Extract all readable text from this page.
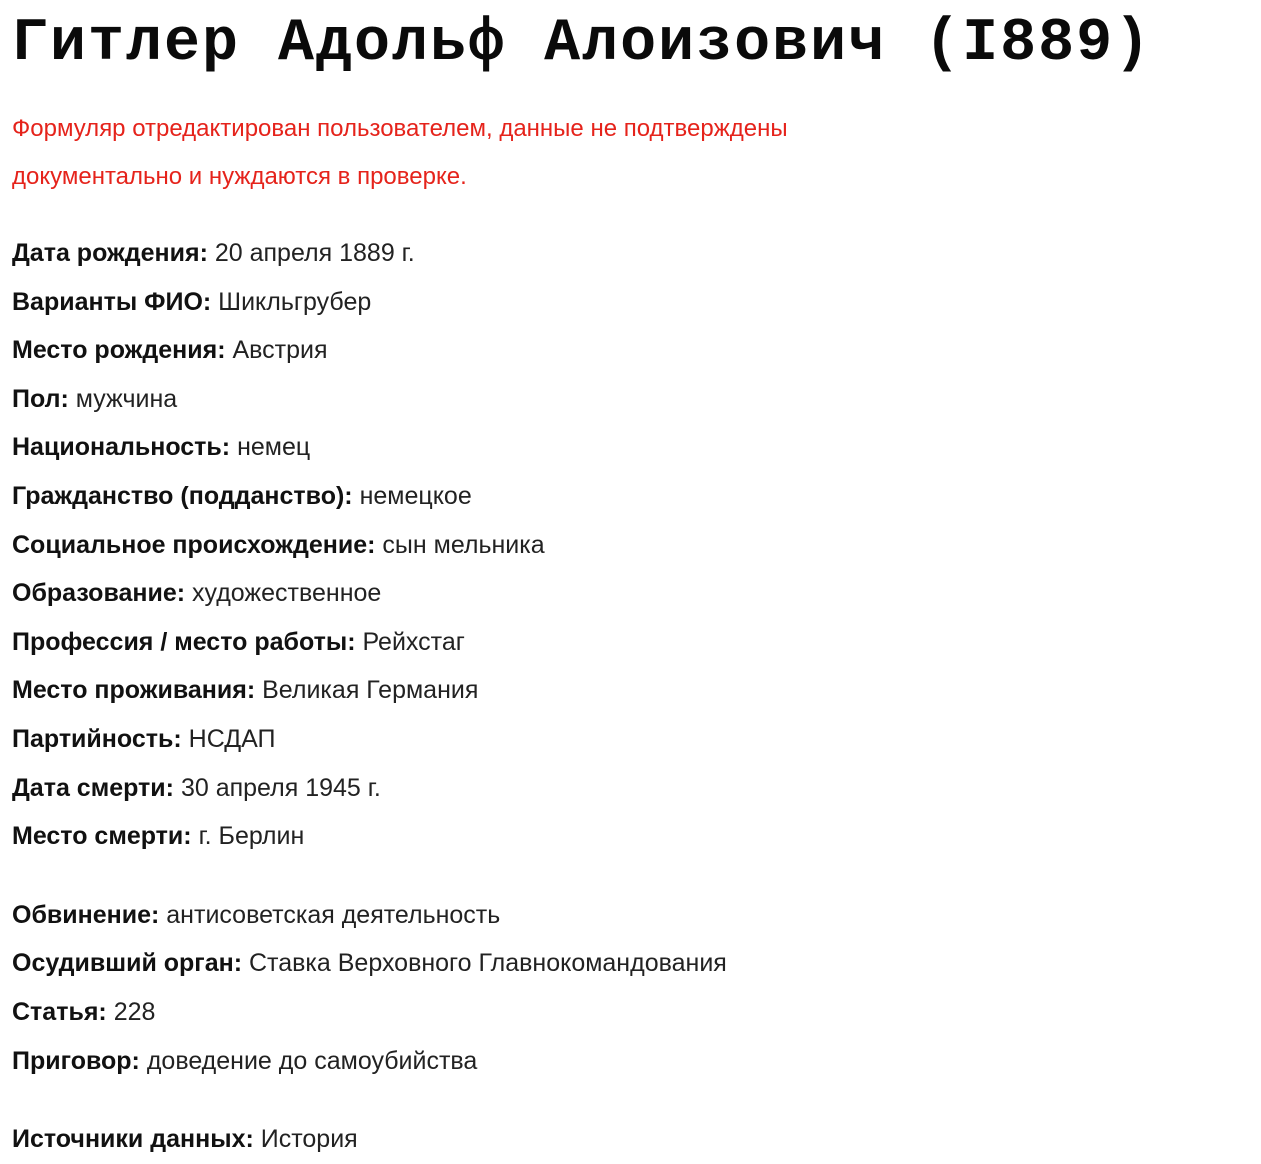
Гитлер Адольф Алоизович (I889)
Формуляр отредактирован пользователем, данные не подтверждены документально и нуждаются в проверке.
Дата рождения: 20 апреля 1889 г.
Варианты ФИО: Шикльгрубер
Место рождения: Австрия
Пол: мужчина
Национальность: немец
Гражданство (подданство): немецкое
Социальное происхождение: сын мельника
Образование: художественное
Профессия / место работы: Рейхстаг
Место проживания: Великая Германия
Партийность: НСДАП
Дата смерти: 30 апреля 1945 г.
Место смерти: г. Берлин
Обвинение: антисоветская деятельность
Осудивший орган: Ставка Верховного Главнокомандования
Статья: 228
Приговор: доведение до самоубийства
Источники данных: История
